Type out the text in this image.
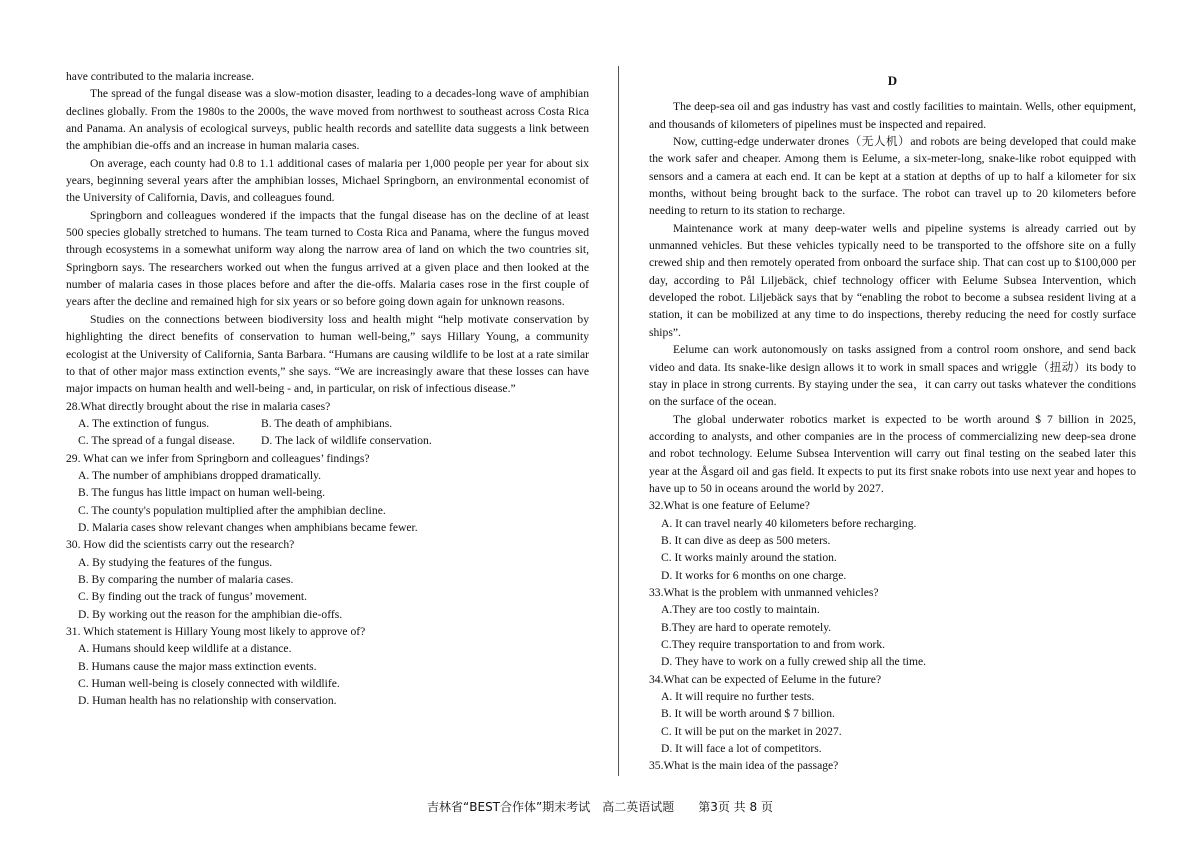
have contributed to the malaria increase.

The spread of the fungal disease was a slow-motion disaster, leading to a decades-long wave of amphibian declines globally. From the 1980s to the 2000s, the wave moved from northwest to southeast across Costa Rica and Panama. An analysis of ecological surveys, public health records and satellite data suggests a link between the amphibian die-offs and an increase in human malaria cases.

On average, each county had 0.8 to 1.1 additional cases of malaria per 1,000 people per year for about six years, beginning several years after the amphibian losses, Michael Springborn, an environmental economist of the University of California, Davis, and colleagues found.

Springborn and colleagues wondered if the impacts that the fungal disease has on the decline of at least 500 species globally stretched to humans. The team turned to Costa Rica and Panama, where the fungus moved through ecosystems in a somewhat uniform way along the narrow area of land on which the two countries sit, Springborn says. The researchers worked out when the fungus arrived at a given place and then looked at the number of malaria cases in those places before and after the die-offs. Malaria cases rose in the first couple of years after the decline and remained high for six years or so before going down again for unknown reasons.

Studies on the connections between biodiversity loss and health might “help motivate conservation by highlighting the direct benefits of conservation to human well-being,” says Hillary Young, a community ecologist at the University of California, Santa Barbara. “Humans are causing wildlife to be lost at a rate similar to that of other major mass extinction events,” she says. “We are increasingly aware that these losses can have major impacts on human health and well-being - and, in particular, on risk of infectious disease.”

28.What directly brought about the rise in malaria cases?

A. The extinction of fungus.	B. The death of amphibians.
C. The spread of a fungal disease.	D. The lack of wildlife conservation.

29. What can we infer from Springborn and colleagues’ findings?

A. The number of amphibians dropped dramatically.
B. The fungus has little impact on human well-being.
C. The county's population multiplied after the amphibian decline.
D. Malaria cases show relevant changes when amphibians became fewer.

30. How did the scientists carry out the research?

A. By studying the features of the fungus.
B. By comparing the number of malaria cases.
C. By finding out the track of fungus’ movement.
D. By working out the reason for the amphibian die-offs.

31. Which statement is Hillary Young most likely to approve of?

A. Humans should keep wildlife at a distance.
B. Humans cause the major mass extinction events.
C. Human well-being is closely connected with wildlife.
D. Human health has no relationship with conservation.
D

The deep-sea oil and gas industry has vast and costly facilities to maintain. Wells, other equipment, and thousands of kilometers of pipelines must be inspected and repaired.

Now, cutting-edge underwater drones（无人机）and robots are being developed that could make the work safer and cheaper. Among them is Eelume, a six-meter-long, snake-like robot equipped with sensors and a camera at each end. It can be kept at a station at depths of up to half a kilometer for six months, without being brought back to the surface. The robot can travel up to 20 kilometers before needing to return to its station to recharge.

Maintenance work at many deep-water wells and pipeline systems is already carried out by unmanned vehicles. But these vehicles typically need to be transported to the offshore site on a fully crewed ship and then remotely operated from onboard the surface ship. That can cost up to $100,000 per day, according to Pål Liljebäck, chief technology officer with Eelume Subsea Intervention, which developed the robot. Liljebäck says that by “enabling the robot to become a subsea resident living at a station, it can be mobilized at any time to do inspections, thereby reducing the need for costly surface ships”.

Eelume can work autonomously on tasks assigned from a control room onshore, and send back video and data. Its snake-like design allows it to work in small spaces and wriggle（扭动）its body to stay in place in strong currents. By staying under the sea，it can carry out tasks whatever the conditions on the surface of the ocean.

The global underwater robotics market is expected to be worth around $ 7 billion in 2025, according to analysts, and other companies are in the process of commercializing new deep-sea drone and robot technology. Eelume Subsea Intervention will carry out final testing on the seabed later this year at the Åsgard oil and gas field. It expects to put its first snake robots into use next year and hopes to have up to 50 in oceans around the world by 2027.

32.What is one feature of Eelume?

A. It can travel nearly 40 kilometers before recharging.
B. It can dive as deep as 500 meters.
C. It works mainly around the station.
D. It works for 6 months on one charge.

33.What is the problem with unmanned vehicles?

A.They are too costly to maintain.
B.They are hard to operate remotely.
C.They require transportation to and from work.
D. They have to work on a fully crewed ship all the time.

34.What can be expected of Eelume in the future?

A. It will require no further tests.
B. It will be worth around $ 7 billion.
C. It will be put on the market in 2027.
D. It will face a lot of competitors.

35.What is the main idea of the passage?

吉林省“BEST合作体”期末考试　高二英语试题　　第3页 共 8 页
